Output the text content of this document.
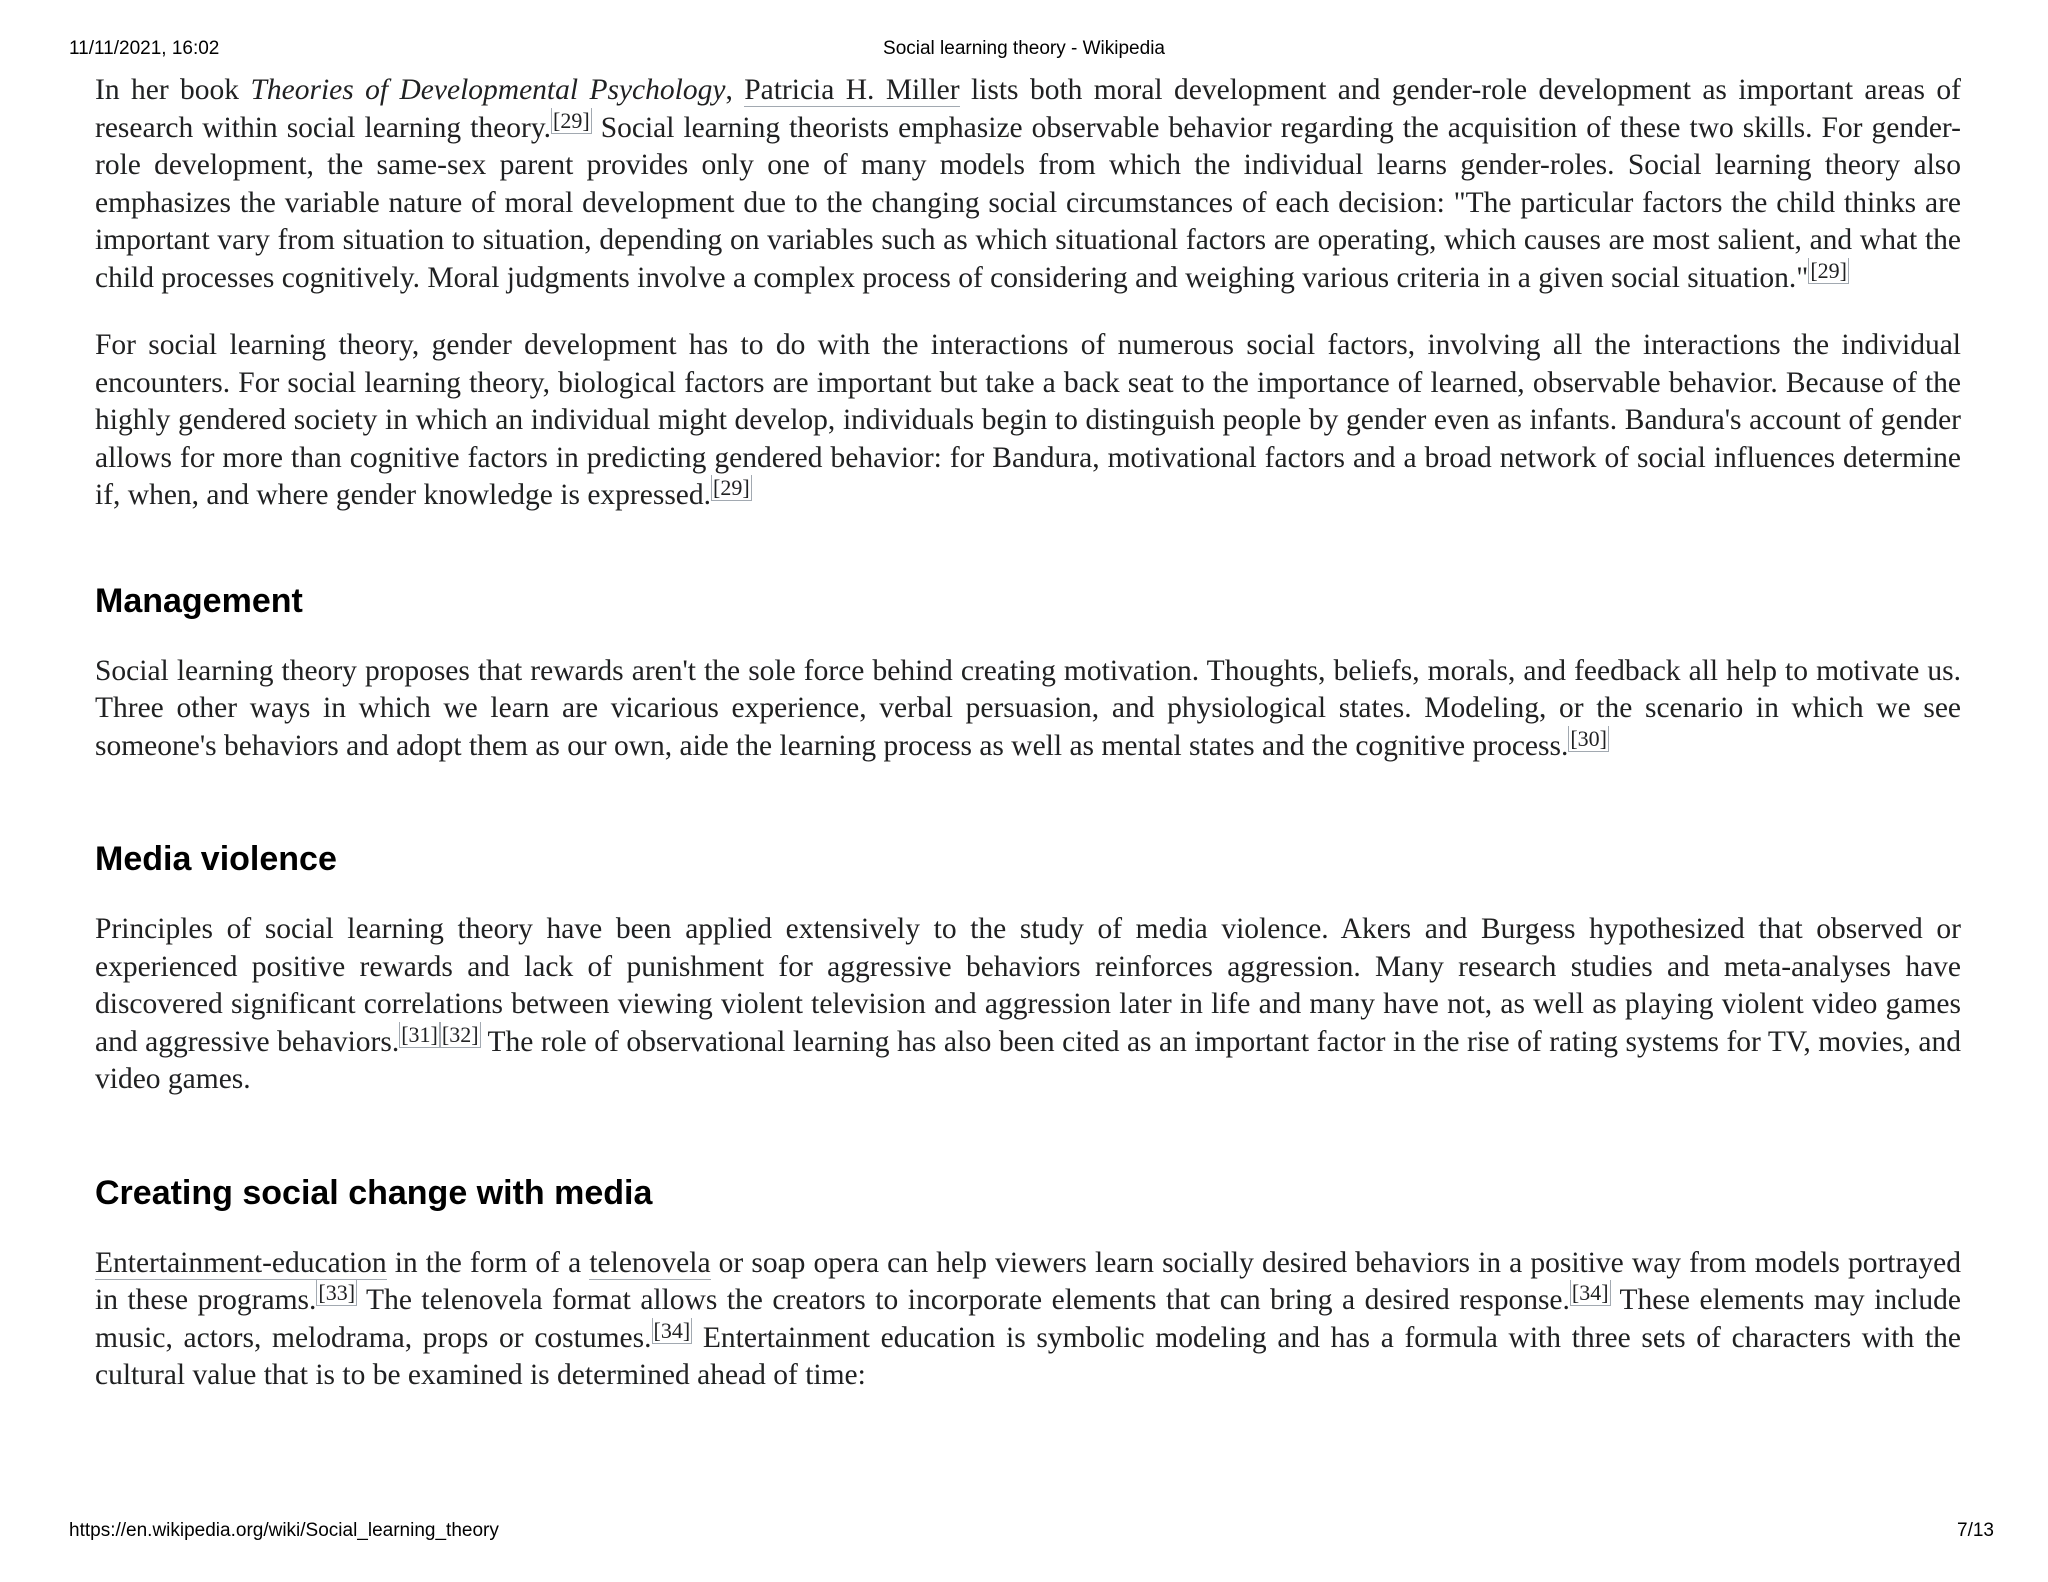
11/11/2021, 16:02	Social learning theory - Wikipedia

In her book Theories of Developmental Psychology, Patricia H. Miller lists both moral development and gender-role development as important areas of research within social learning theory.[29] Social learning theorists emphasize observable behavior regarding the acquisition of these two skills. For gender-role development, the same-sex parent provides only one of many models from which the individual learns gender-roles. Social learning theory also emphasizes the variable nature of moral development due to the changing social circumstances of each decision: "The particular factors the child thinks are important vary from situation to situation, depending on variables such as which situational factors are operating, which causes are most salient, and what the child processes cognitively. Moral judgments involve a complex process of considering and weighing various criteria in a given social situation."[29]

For social learning theory, gender development has to do with the interactions of numerous social factors, involving all the interactions the individual encounters. For social learning theory, biological factors are important but take a back seat to the importance of learned, observable behavior. Because of the highly gendered society in which an individual might develop, individuals begin to distinguish people by gender even as infants. Bandura's account of gender allows for more than cognitive factors in predicting gendered behavior: for Bandura, motivational factors and a broad network of social influences determine if, when, and where gender knowledge is expressed.[29]

Management

Social learning theory proposes that rewards aren't the sole force behind creating motivation. Thoughts, beliefs, morals, and feedback all help to motivate us. Three other ways in which we learn are vicarious experience, verbal persuasion, and physiological states. Modeling, or the scenario in which we see someone's behaviors and adopt them as our own, aide the learning process as well as mental states and the cognitive process.[30]

Media violence

Principles of social learning theory have been applied extensively to the study of media violence. Akers and Burgess hypothesized that observed or experienced positive rewards and lack of punishment for aggressive behaviors reinforces aggression. Many research studies and meta-analyses have discovered significant correlations between viewing violent television and aggression later in life and many have not, as well as playing violent video games and aggressive behaviors.[31] [32] The role of observational learning has also been cited as an important factor in the rise of rating systems for TV, movies, and video games.

Creating social change with media

Entertainment-education in the form of a telenovela or soap opera can help viewers learn socially desired behaviors in a positive way from models portrayed in these programs.[33] The telenovela format allows the creators to incorporate elements that can bring a desired response.[34] These elements may include music, actors, melodrama, props or costumes.[34] Entertainment education is symbolic modeling and has a formula with three sets of characters with the cultural value that is to be examined is determined ahead of time:

https://en.wikipedia.org/wiki/Social_learning_theory	7/13
